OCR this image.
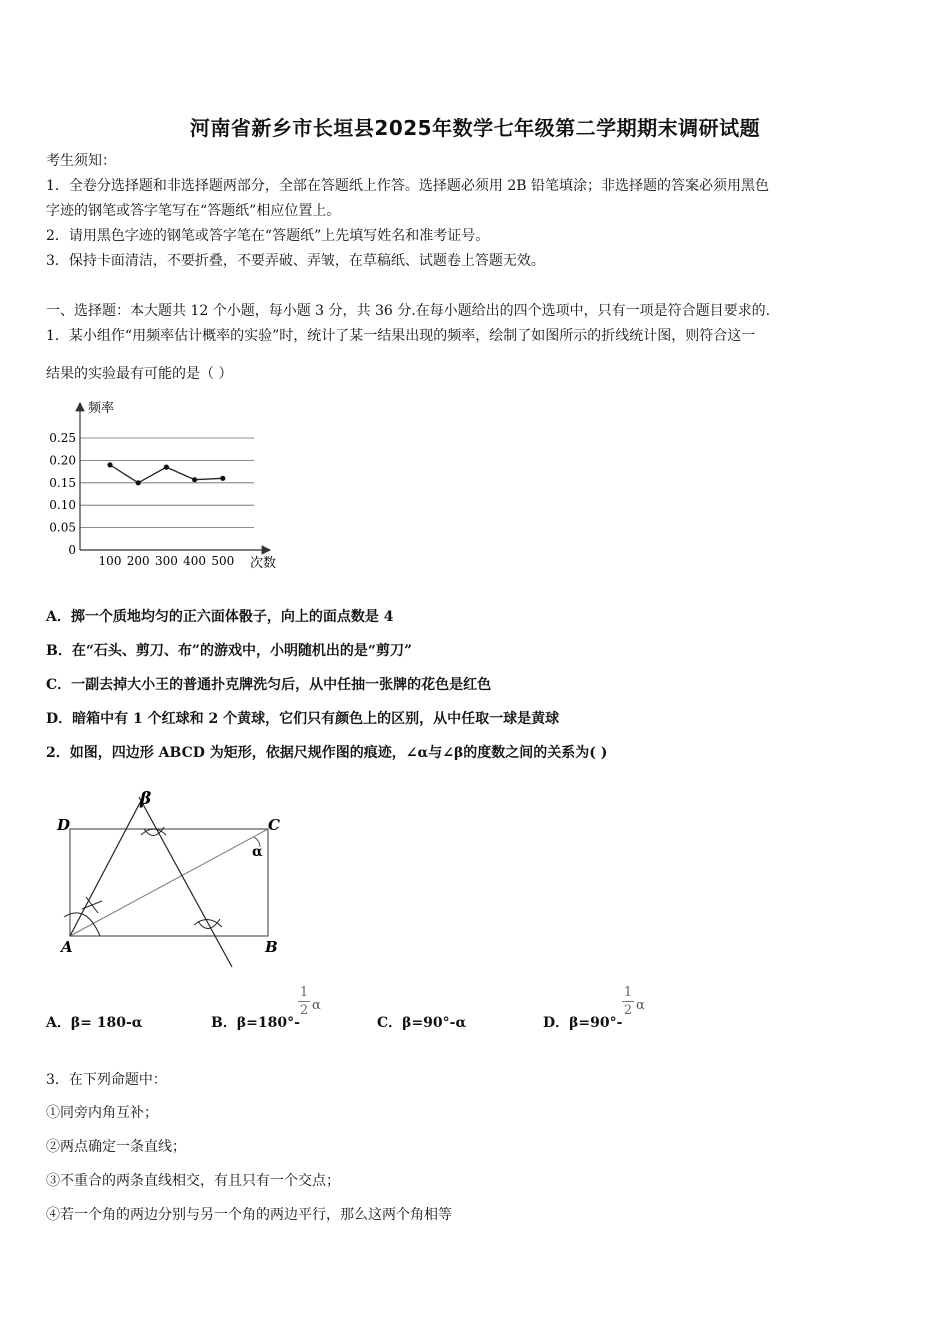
河南省新乡市长垣县2025年数学七年级第二学期期末调研试题
考生须知：
1．全卷分选择题和非选择题两部分，全部在答题纸上作答。选择题必须用 2B 铅笔填涂；非选择题的答案必须用黑色
字迹的钢笔或答字笔写在“答题纸”相应位置上。
2．请用黑色字迹的钢笔或答字笔在“答题纸”上先填写姓名和准考证号。
3．保持卡面清洁，不要折叠，不要弄破、弄皱，在草稿纸、试题卷上答题无效。
一、选择题：本大题共 12 个小题，每小题 3 分，共 36 分.在每小题给出的四个选项中，只有一项是符合题目要求的.
1．某小组作“用频率估计概率的实验”时，统计了某一结果出现的频率，绘制了如图所示的折线统计图，则符合这一
结果的实验最有可能的是（ ）
频率
次数
0
0.05
0.10
0.15
0.20
0.25
100 200 300 400 500
A．掷一个质地均匀的正六面体骰子，向上的面点数是 4
B．在“石头、剪刀、布”的游戏中，小明随机出的是“剪刀”
C．一副去掉大小王的普通扑克牌洗匀后，从中任抽一张牌的花色是红色
D．暗箱中有 1 个红球和 2 个黄球，它们只有颜色上的区别，从中任取一球是黄球
2．如图，四边形 ABCD 为矩形，依据尺规作图的痕迹，∠α与∠β的度数之间的关系为( )
D	C
A	B
α
β
A．β= 180-α	B．β=180°-
1
2 α
C．β=90°-α	D．β=90°-
1
2 α
3．在下列命题中：
①同旁内角互补；
②两点确定一条直线；
③不重合的两条直线相交，有且只有一个交点；
④若一个角的两边分别与另一个角的两边平行，那么这两个角相等
